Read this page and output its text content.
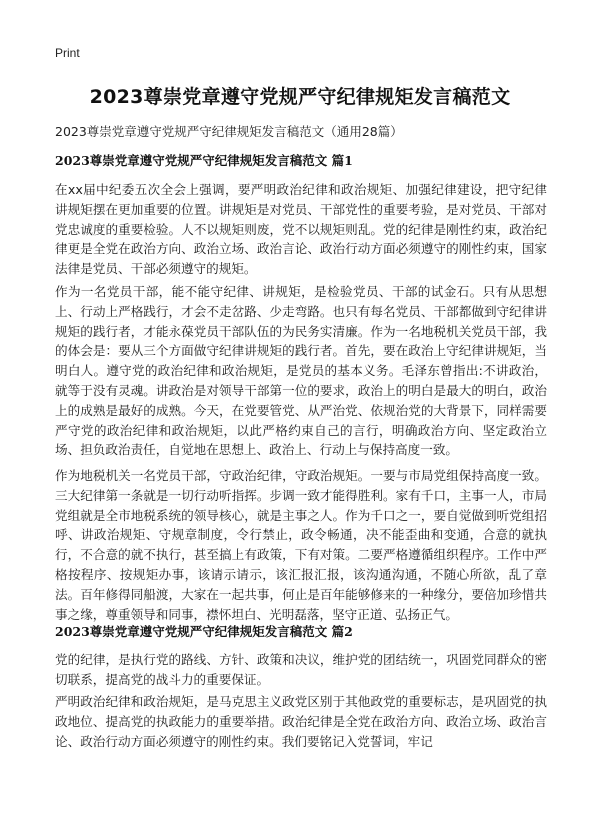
Print
2023尊崇党章遵守党规严守纪律规矩发言稿范文
2023尊崇党章遵守党规严守纪律规矩发言稿范文（通用28篇）
2023尊崇党章遵守党规严守纪律规矩发言稿范文 篇1
在xx届中纪委五次全会上强调，要严明政治纪律和政治规矩、加强纪律建设，把守纪律讲规矩摆在更加重要的位置。讲规矩是对党员、干部党性的重要考验，是对党员、干部对党忠诚度的重要检验。人不以规矩则废，党不以规矩则乱。党的纪律是刚性约束，政治纪律更是全党在政治方向、政治立场、政治言论、政治行动方面必须遵守的刚性约束，国家法律是党员、干部必须遵守的规矩。
作为一名党员干部，能不能守纪律、讲规矩，是检验党员、干部的试金石。只有从思想上、行动上严格践行，才会不走岔路、少走弯路。也只有每名党员、干部都做到守纪律讲规矩的践行者，才能永葆党员干部队伍的为民务实清廉。作为一名地税机关党员干部，我的体会是：要从三个方面做守纪律讲规矩的践行者。首先，要在政治上守纪律讲规矩，当明白人。遵守党的政治纪律和政治规矩，是党员的基本义务。毛泽东曾指出:不讲政治，就等于没有灵魂。讲政治是对领导干部第一位的要求，政治上的明白是最大的明白，政治上的成熟是最好的成熟。今天，在党要管党、从严治党、依规治党的大背景下，同样需要严守党的政治纪律和政治规矩，以此严格约束自己的言行，明确政治方向、坚定政治立场、担负政治责任，自觉地在思想上、政治上、行动上与保持高度一致。
作为地税机关一名党员干部，守政治纪律，守政治规矩。一要与市局党组保持高度一致。三大纪律第一条就是一切行动听指挥。步调一致才能得胜利。家有千口，主事一人，市局党组就是全市地税系统的领导核心，就是主事之人。作为千口之一，要自觉做到听党组招呼、讲政治规矩、守规章制度，令行禁止，政令畅通，决不能歪曲和变通，合意的就执行，不合意的就不执行，甚至搞上有政策，下有对策。二要严格遵循组织程序。工作中严格按程序、按规矩办事，该请示请示，该汇报汇报，该沟通沟通，不随心所欲，乱了章法。百年修得同船渡，大家在一起共事，何止是百年能够修来的一种缘分，要倍加珍惜共事之缘，尊重领导和同事，襟怀坦白、光明磊落，坚守正道、弘扬正气。
2023尊崇党章遵守党规严守纪律规矩发言稿范文 篇2
党的纪律，是执行党的路线、方针、政策和决议，维护党的团结统一，巩固党同群众的密切联系，提高党的战斗力的重要保证。
严明政治纪律和政治规矩，是马克思主义政党区别于其他政党的重要标志，是巩固党的执政地位、提高党的执政能力的重要举措。政治纪律是全党在政治方向、政治立场、政治言论、政治行动方面必须遵守的刚性约束。我们要铭记入党誓词，牢记
